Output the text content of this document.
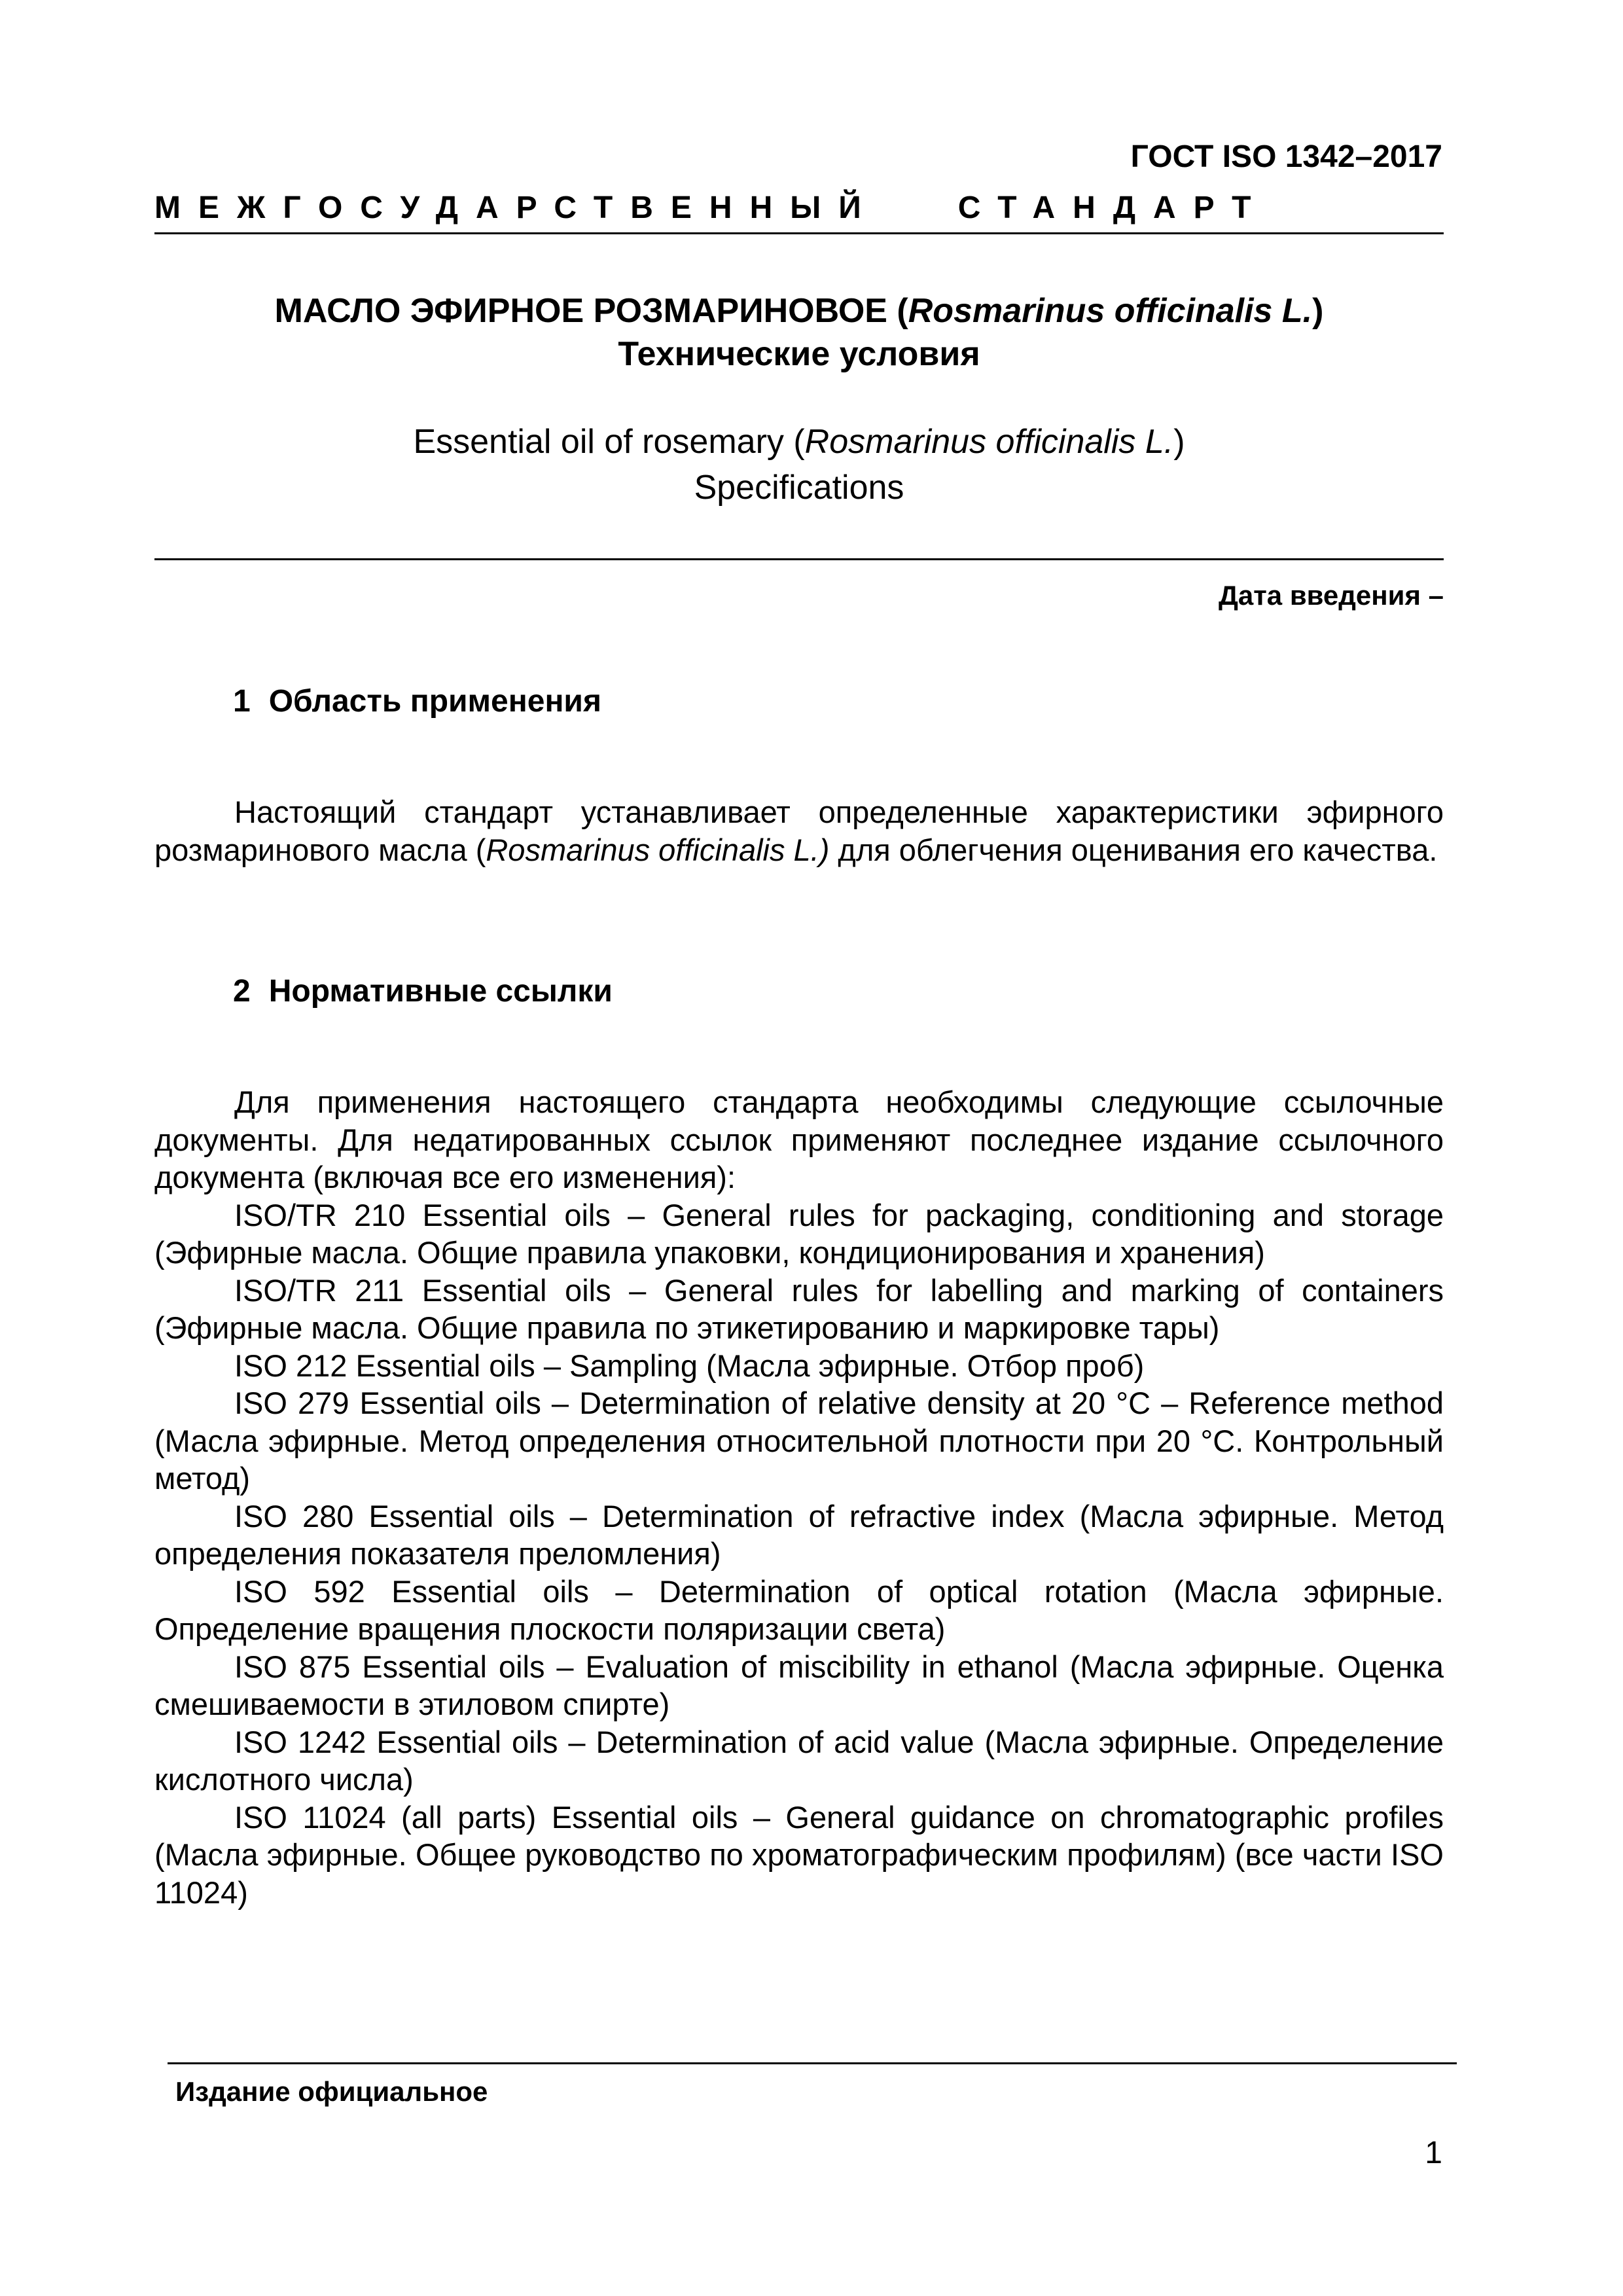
ГОСТ ISO 1342–2017
МЕЖГОСУДАРСТВЕННЫЙ   СТАНДАРТ
МАСЛО ЭФИРНОЕ РОЗМАРИНОВОЕ (Rosmarinus officinalis L.)
Технические условия
Essential oil of rosemary (Rosmarinus officinalis L.)
Specifications
Дата введения –
1 Область применения

Настоящий стандарт устанавливает определенные характеристики эфирного розмаринового масла (Rosmarinus officinalis L.) для облегчения оценивания его качества.

2 Нормативные ссылки

Для применения настоящего стандарта необходимы следующие ссылочные документы. Для недатированных ссылок применяют последнее издание ссылочного документа (включая все его изменения):

ISO/TR 210 Essential oils – General rules for packaging, conditioning and storage (Эфирные масла. Общие правила упаковки, кондиционирования и хранения)

ISO/TR 211 Essential oils – General rules for labelling and marking of containers (Эфирные масла. Общие правила по этикетированию и маркировке тары)

ISO 212 Essential oils – Sampling (Масла эфирные. Отбор проб)

ISO 279 Essential oils – Determination of relative density at 20 °C – Reference method (Масла эфирные. Метод определения относительной плотности при 20 °С. Контрольный метод)

ISO 280 Essential oils – Determination of refractive index (Масла эфирные. Метод определения показателя преломления)

ISO 592 Essential oils – Determination of optical rotation (Масла эфирные. Определение вращения плоскости поляризации света)

ISO 875 Essential oils – Evaluation of miscibility in ethanol (Масла эфирные. Оценка смешиваемости в этиловом спирте)

ISO 1242 Essential oils – Determination of acid value (Масла эфирные. Определение кислотного числа)

ISO 11024 (all parts) Essential oils – General guidance on chromatographic profiles (Масла эфирные. Общее руководство по хроматографическим профилям) (все части ISO 11024)

Издание официальное
1
